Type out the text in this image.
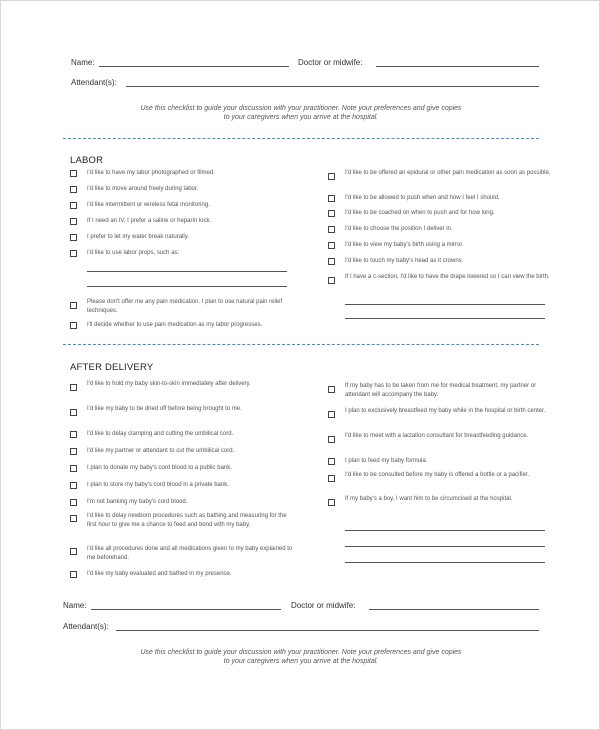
Name:	Doctor or midwife:
Attendant(s):
Use this checklist to guide your discussion with your practitioner. Note your preferences and give copies
to your caregivers when you arrive at the hospital.
LABOR
I'd like to have my labor photographed or filmed.
I'd like to move around freely during labor.
I'd like intermittent or wireless fetal monitoring.
If I need an IV, I prefer a saline or heparin lock.
I prefer to let my water break naturally.
I'd like to use labor props, such as:
Please don't offer me any pain medication. I plan to use natural pain relief techniques.
I'll decide whether to use pain medication as my labor progresses.
I'd like to be offered an epidural or other pain medication as soon as possible.
I'd like to be allowed to push when and how I feel I should.
I'd like to be coached on when to push and for how long.
I'd like to choose the position I deliver in.
I'd like to view my baby's birth using a mirror.
I'd like to touch my baby's head as it crowns.
If I have a c-section, I'd like to have the drape lowered so I can view the birth.
AFTER DELIVERY
I'd like to hold my baby skin-to-skin immediately after delivery.
I'd like my baby to be dried off before being brought to me.
I'd like to delay clamping and cutting the umbilical cord.
I'd like my partner or attendant to cut the umbilical cord.
I plan to donate my baby's cord blood to a public bank.
I plan to store my baby's cord blood in a private bank.
I'm not banking my baby's cord blood.
I'd like to delay newborn procedures such as bathing and measuring for the first hour to give me a chance to feed and bond with my baby.
I'd like all procedures done and all medications given to my baby explained to me beforehand.
I'd like my baby evaluated and bathed in my presence.
If my baby has to be taken from me for medical treatment, my partner or attendant will accompany the baby.
I plan to exclusively breastfeed my baby while in the hospital or birth center.
I'd like to meet with a lactation consultant for breastfeeding guidance.
I plan to feed my baby formula.
I'd like to be consulted before my baby is offered a bottle or a pacifier.
If my baby's a boy, I want him to be circumcised at the hospital.
Name:	Doctor or midwife:
Attendant(s):
Use this checklist to guide your discussion with your practitioner. Note your preferences and give copies
to your caregivers when you arrive at the hospital.
